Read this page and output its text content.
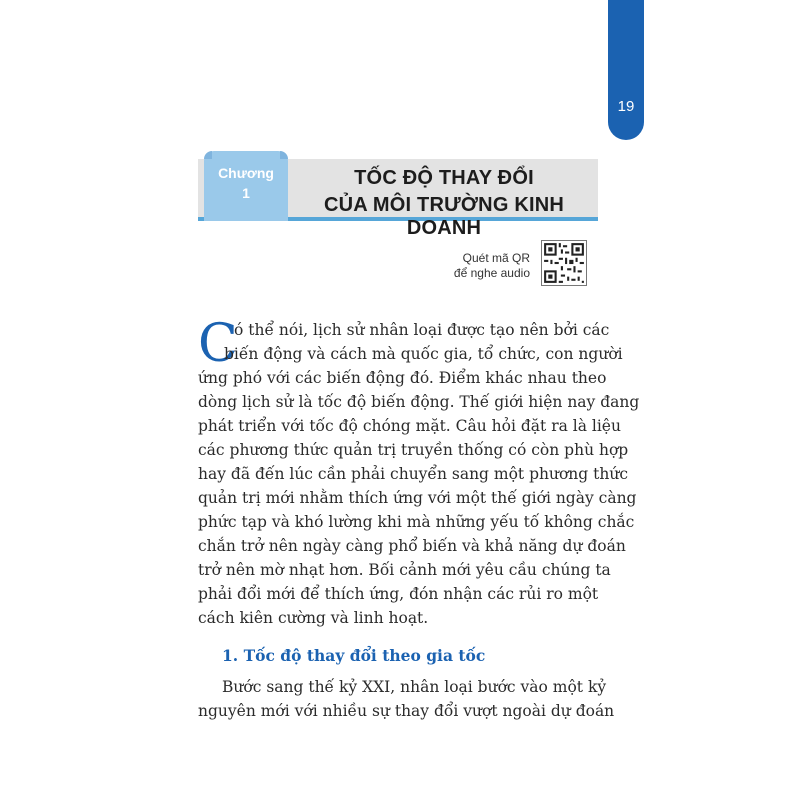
19
Chương
1
TỐC ĐỘ THAY ĐỔI
CỦA MÔI TRƯỜNG KINH DOANH
Quét mã QR
để nghe audio
C
ó thể nói, lịch sử nhân loại được tạo nên bởi các
biến động và cách mà quốc gia, tổ chức, con người
ứng phó với các biến động đó. Điểm khác nhau theo
dòng lịch sử là tốc độ biến động. Thế giới hiện nay đang
phát triển với tốc độ chóng mặt. Câu hỏi đặt ra là liệu
các phương thức quản trị truyền thống có còn phù hợp
hay đã đến lúc cần phải chuyển sang một phương thức
quản trị mới nhằm thích ứng với một thế giới ngày càng
phức tạp và khó lường khi mà những yếu tố không chắc
chắn trở nên ngày càng phổ biến và khả năng dự đoán
trở nên mờ nhạt hơn. Bối cảnh mới yêu cầu chúng ta
phải đổi mới để thích ứng, đón nhận các rủi ro một
cách kiên cường và linh hoạt.
1. Tốc độ thay đổi theo gia tốc
Bước sang thế kỷ XXI, nhân loại bước vào một kỷ
nguyên mới với nhiều sự thay đổi vượt ngoài dự đoán
